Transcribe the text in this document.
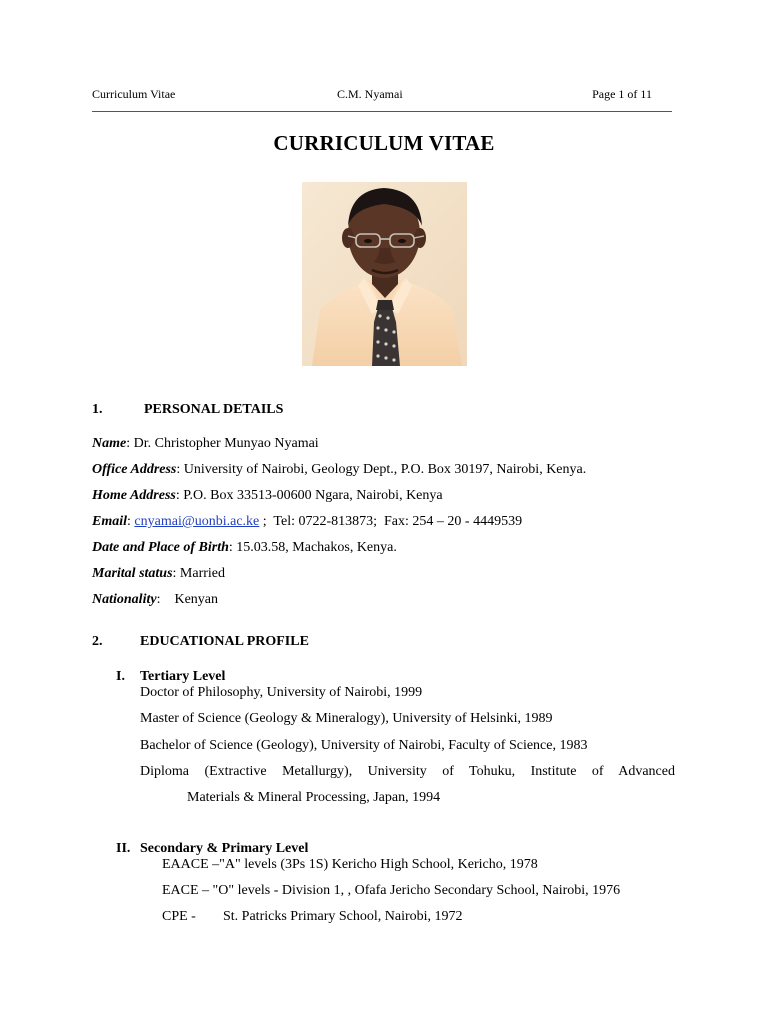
Curriculum Vitae	C.M. Nyamai	Page 1 of 11
CURRICULUM VITAE
1.	PERSONAL DETAILS
Name: Dr. Christopher Munyao Nyamai
Office Address: University of Nairobi, Geology Dept., P.O. Box 30197, Nairobi, Kenya.
Home Address: P.O. Box 33513-00600 Ngara, Nairobi, Kenya
Email: cnyamai@uonbi.ac.ke ;  Tel: 0722-813873;  Fax: 254 – 20 - 4449539
Date and Place of Birth: 15.03.58, Machakos, Kenya.
Marital status: Married
Nationality:    Kenyan
2.	EDUCATIONAL PROFILE
I. Tertiary Level
Doctor of Philosophy, University of Nairobi, 1999
Master of Science (Geology & Mineralogy), University of Helsinki, 1989
Bachelor of Science (Geology), University of Nairobi, Faculty of Science, 1983
Diploma (Extractive Metallurgy), University of Tohuku, Institute of Advanced
Materials & Mineral Processing, Japan, 1994
II. Secondary & Primary Level
EAACE –"A" levels (3Ps 1S) Kericho High School, Kericho, 1978
EACE – "O" levels - Division 1, , Ofafa Jericho Secondary School, Nairobi, 1976
CPE - St. Patricks Primary School, Nairobi, 1972
